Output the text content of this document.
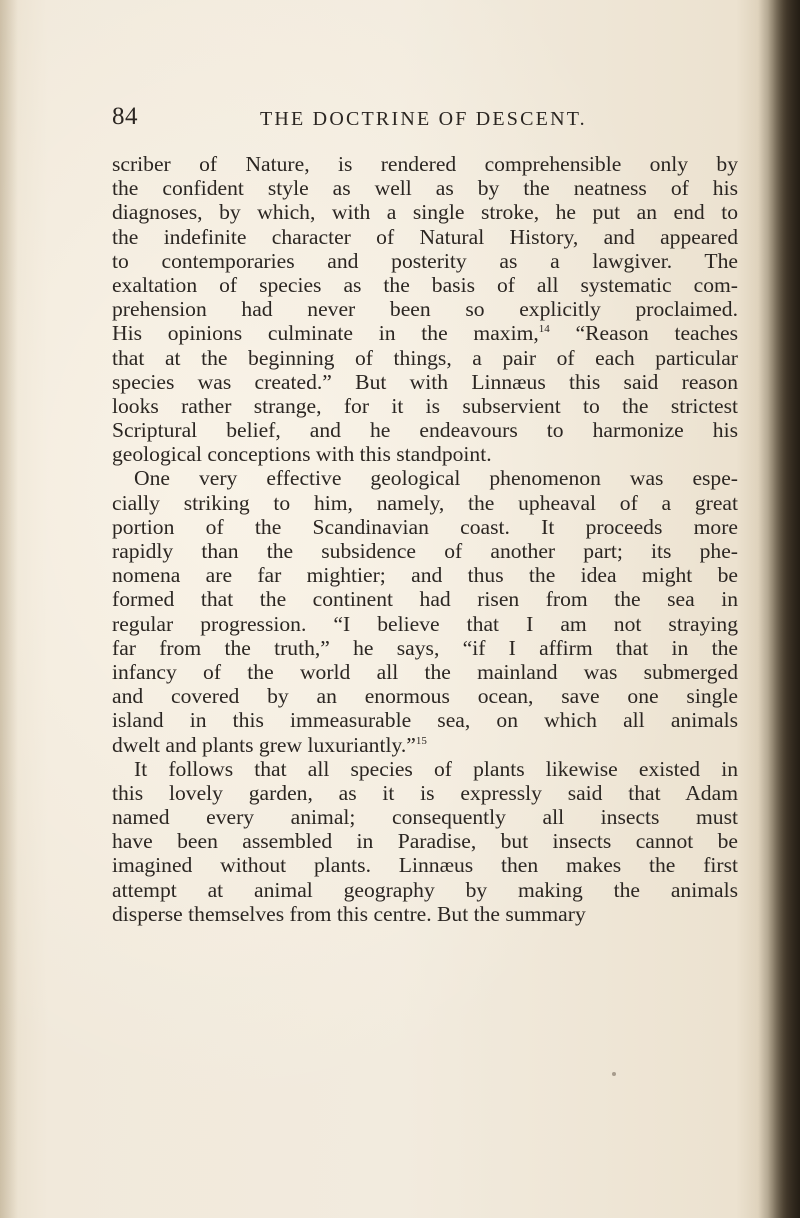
84	THE DOCTRINE OF DESCENT.
scriber of Nature, is rendered comprehensible only by
the confident style as well as by the neatness of his
diagnoses, by which, with a single stroke, he put an end to
the indefinite character of Natural History, and appeared
to contemporaries and posterity as a lawgiver. The
exaltation of species as the basis of all systematic com-
prehension had never been so explicitly proclaimed.
His opinions culminate in the maxim,$^{14}$ “Reason teaches
that at the beginning of things, a pair of each particular
species was created.” But with Linnæus this said reason
looks rather strange, for it is subservient to the strictest
Scriptural belief, and he endeavours to harmonize his
geological conceptions with this standpoint.
One very effective geological phenomenon was espe-
cially striking to him, namely, the upheaval of a great
portion of the Scandinavian coast. It proceeds more
rapidly than the subsidence of another part; its phe-
nomena are far mightier; and thus the idea might be
formed that the continent had risen from the sea in
regular progression. “I believe that I am not straying
far from the truth,” he says, “if I affirm that in the
infancy of the world all the mainland was submerged
and covered by an enormous ocean, save one single
island in this immeasurable sea, on which all animals
dwelt and plants grew luxuriantly.”$^{15}$
It follows that all species of plants likewise existed in
this lovely garden, as it is expressly said that Adam
named every animal; consequently all insects must
have been assembled in Paradise, but insects cannot be
imagined without plants. Linnæus then makes the first
attempt at animal geography by making the animals
disperse themselves from this centre. But the summary
